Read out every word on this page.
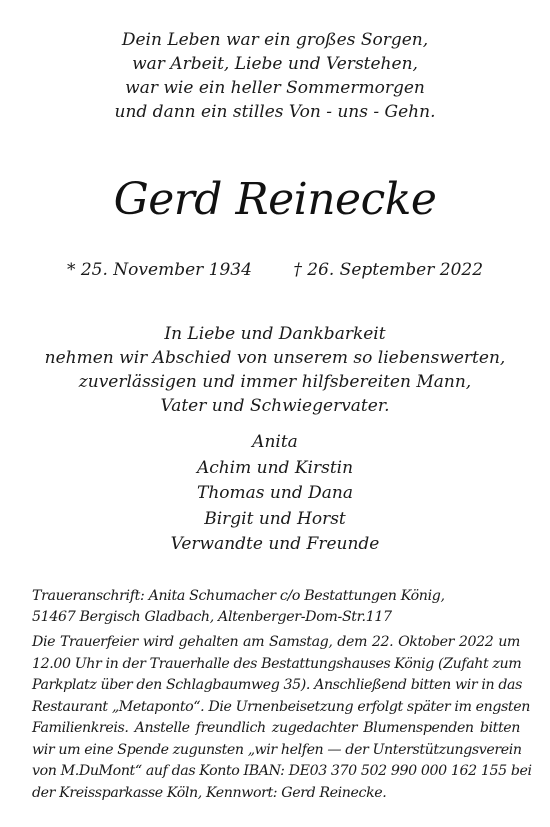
Dein Leben war ein großes Sorgen,
war Arbeit, Liebe und Verstehen,
war wie ein heller Sommermorgen
und dann ein stilles Von - uns - Gehn.
Gerd Reinecke
* 25. November 1934 † 26. September 2022
In Liebe und Dankbarkeit
nehmen wir Abschied von unserem so liebenswerten,
zuverlässigen und immer hilfsbereiten Mann,
Vater und Schwiegervater.
Anita
Achim und Kirstin
Thomas und Dana
Birgit und Horst
Verwandte und Freunde
Traueranschrift: Anita Schumacher c/o Bestattungen König,
51467 Bergisch Gladbach, Altenberger-Dom-Str.117
Die Trauerfeier wird gehalten am Samstag, dem 22. Oktober 2022 um
12.00 Uhr in der Trauerhalle des Bestattungshauses König (Zufaht zum
Parkplatz über den Schlagbaumweg 35). Anschließend bitten wir in das
Restaurant „Metaponto“. Die Urnenbeisetzung erfolgt später im engsten
Familienkreis. Anstelle freundlich zugedachter Blumenspenden bitten
wir um eine Spende zugunsten „wir helfen — der Unterstützungsverein
von M.DuMont“ auf das Konto IBAN: DE03 370 502 990 000 162 155 bei
der Kreissparkasse Köln, Kennwort: Gerd Reinecke.
